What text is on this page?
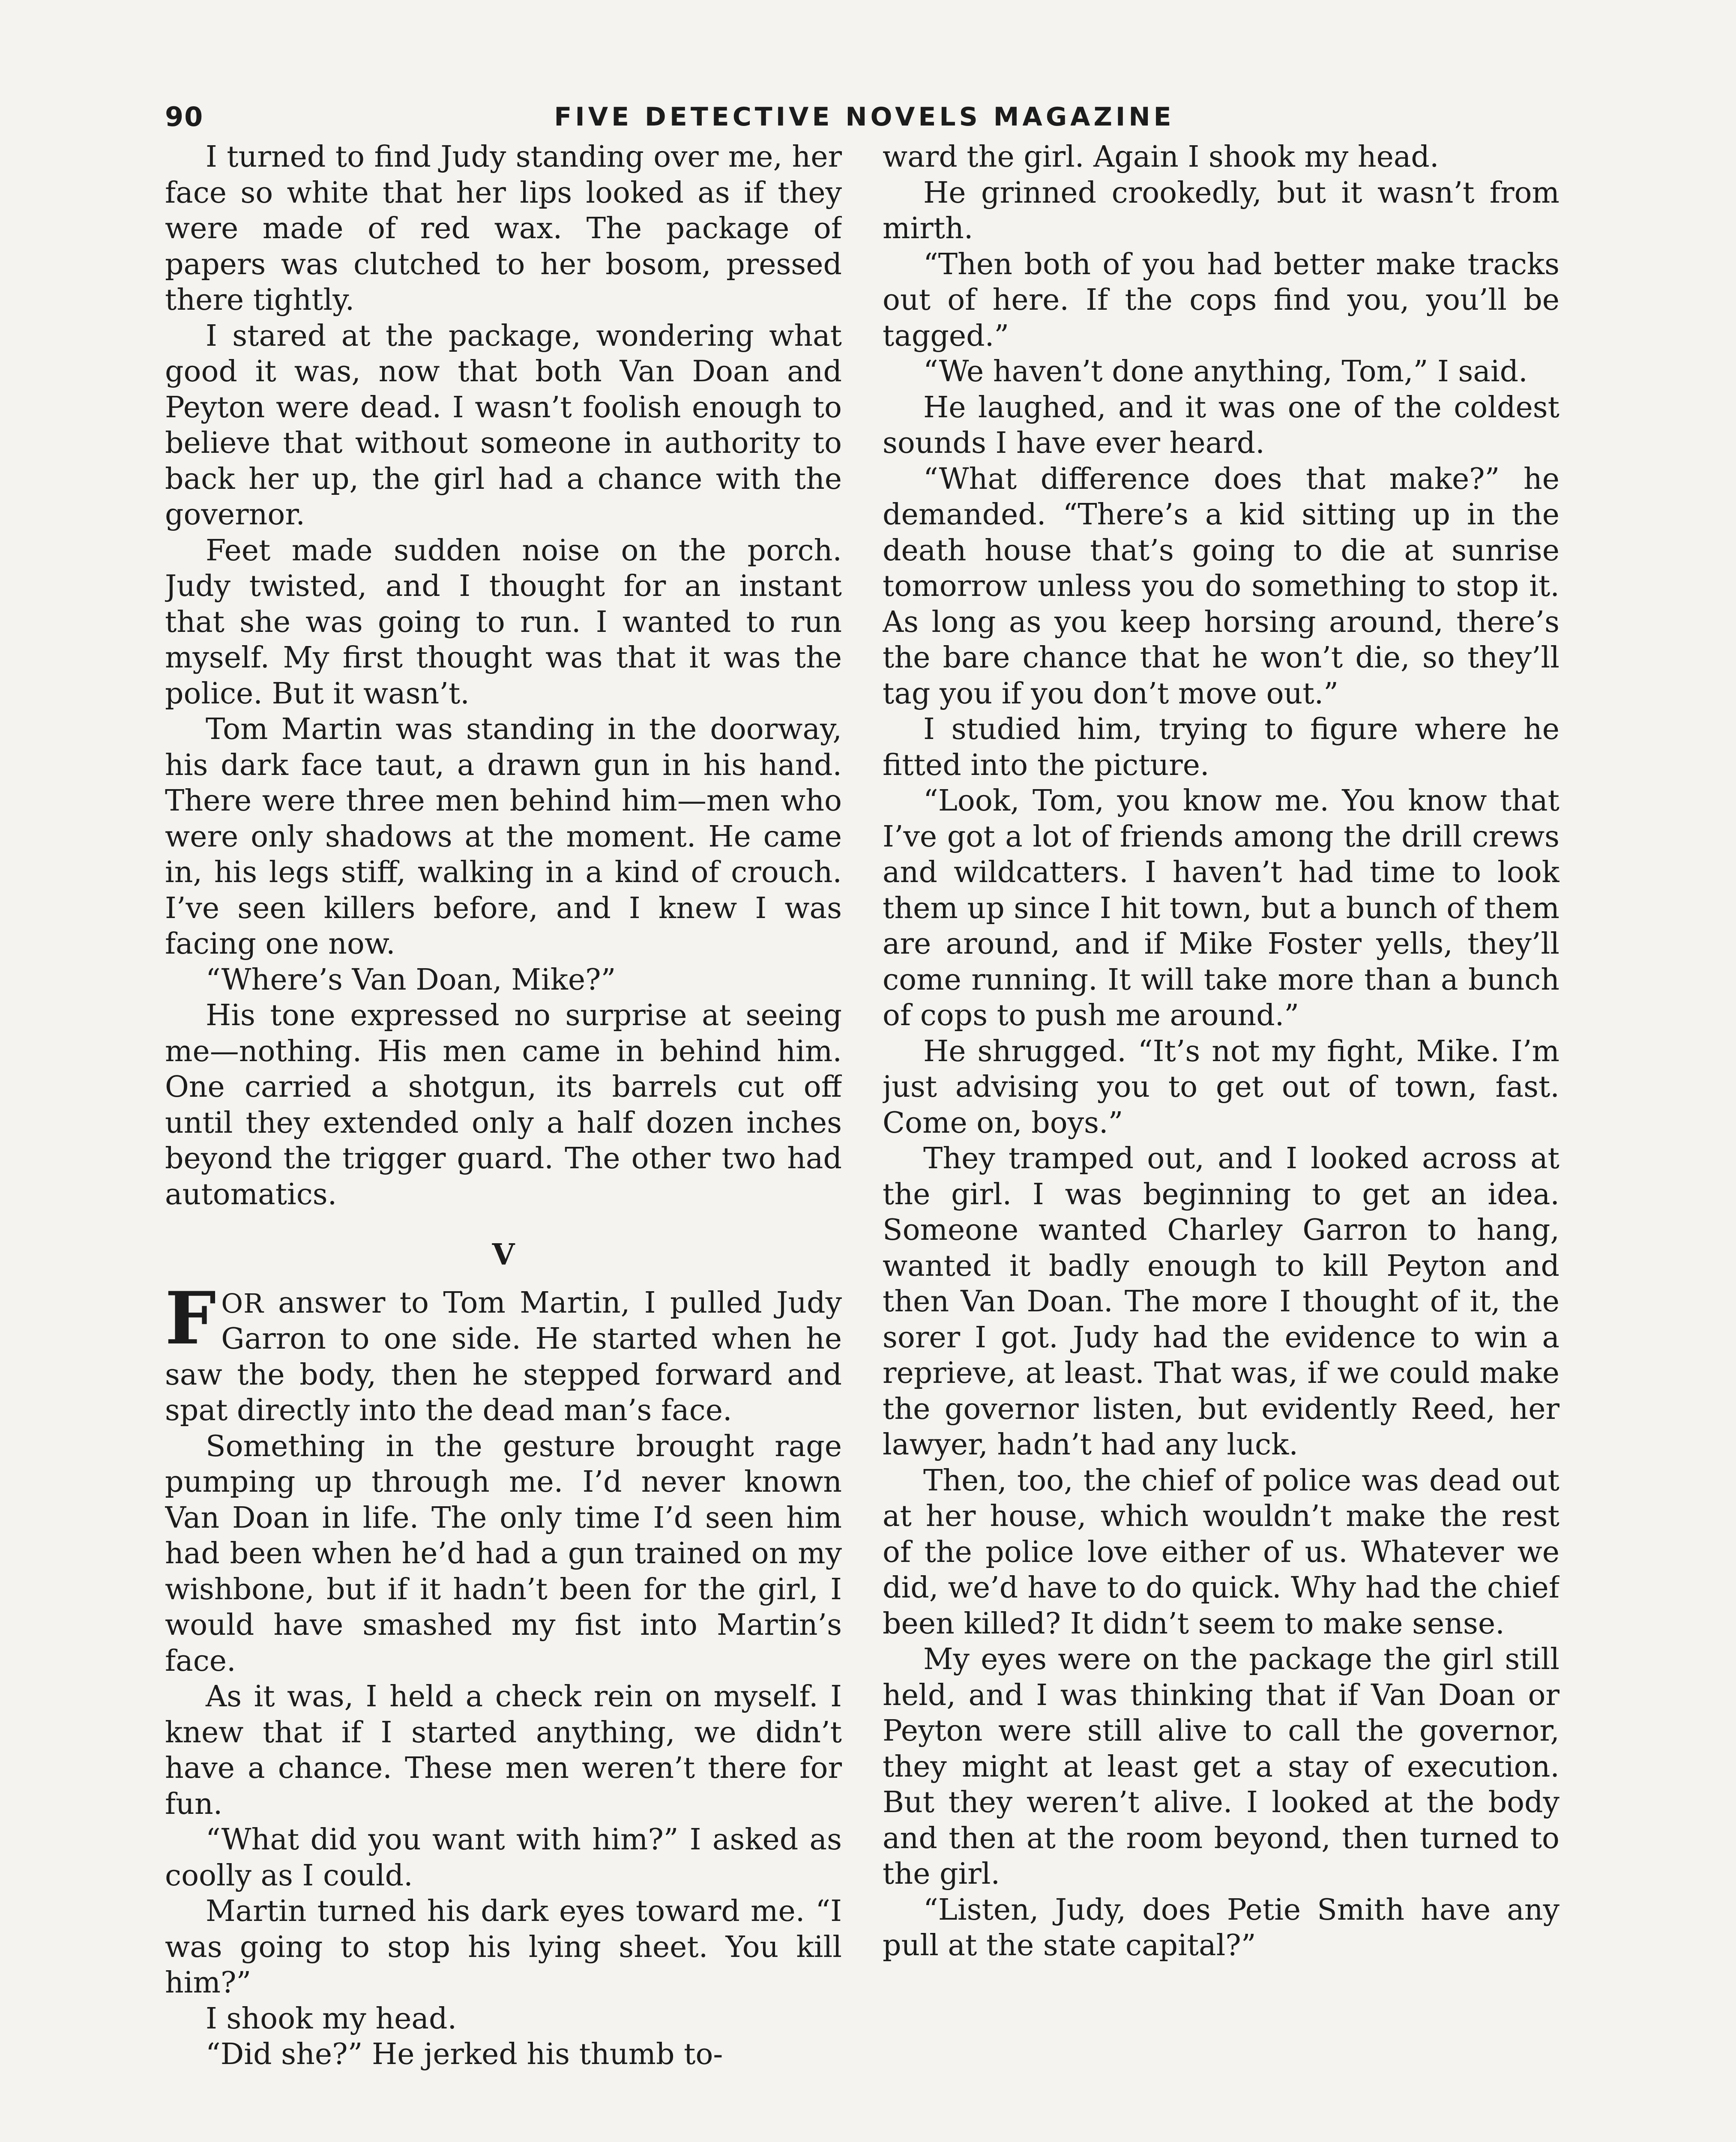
90	FIVE DETECTIVE NOVELS MAGAZINE

I turned to find Judy standing over me, her face so white that her lips looked as if they were made of red wax. The package of papers was clutched to her bosom, pressed there tightly.

I stared at the package, wondering what good it was, now that both Van Doan and Peyton were dead. I wasn’t foolish enough to believe that without someone in authority to back her up, the girl had a chance with the governor.

Feet made sudden noise on the porch. Judy twisted, and I thought for an instant that she was going to run. I wanted to run myself. My first thought was that it was the police. But it wasn’t.

Tom Martin was standing in the doorway, his dark face taut, a drawn gun in his hand. There were three men behind him—men who were only shadows at the moment. He came in, his legs stiff, walking in a kind of crouch. I’ve seen killers before, and I knew I was facing one now.

“Where’s Van Doan, Mike?”

His tone expressed no surprise at seeing me—nothing. His men came in behind him. One carried a shotgun, its barrels cut off until they extended only a half dozen inches beyond the trigger guard. The other two had automatics.

V

FOR answer to Tom Martin, I pulled Judy Garron to one side. He started when he saw the body, then he stepped forward and spat directly into the dead man’s face.

Something in the gesture brought rage pumping up through me. I’d never known Van Doan in life. The only time I’d seen him had been when he’d had a gun trained on my wishbone, but if it hadn’t been for the girl, I would have smashed my fist into Martin’s face.

As it was, I held a check rein on myself. I knew that if I started anything, we didn’t have a chance. These men weren’t there for fun.

“What did you want with him?” I asked as coolly as I could.

Martin turned his dark eyes toward me. “I was going to stop his lying sheet. You kill him?”

I shook my head.

“Did she?” He jerked his thumb to-

ward the girl. Again I shook my head.

He grinned crookedly, but it wasn’t from mirth.

“Then both of you had better make tracks out of here. If the cops find you, you’ll be tagged.”

“We haven’t done anything, Tom,” I said.

He laughed, and it was one of the coldest sounds I have ever heard.

“What difference does that make?” he demanded. “There’s a kid sitting up in the death house that’s going to die at sunrise tomorrow unless you do something to stop it. As long as you keep horsing around, there’s the bare chance that he won’t die, so they’ll tag you if you don’t move out.”

I studied him, trying to figure where he fitted into the picture.

“Look, Tom, you know me. You know that I’ve got a lot of friends among the drill crews and wildcatters. I haven’t had time to look them up since I hit town, but a bunch of them are around, and if Mike Foster yells, they’ll come running. It will take more than a bunch of cops to push me around.”

He shrugged. “It’s not my fight, Mike. I’m just advising you to get out of town, fast. Come on, boys.”

They tramped out, and I looked across at the girl. I was beginning to get an idea. Someone wanted Charley Garron to hang, wanted it badly enough to kill Peyton and then Van Doan. The more I thought of it, the sorer I got. Judy had the evidence to win a reprieve, at least. That was, if we could make the governor listen, but evidently Reed, her lawyer, hadn’t had any luck.

Then, too, the chief of police was dead out at her house, which wouldn’t make the rest of the police love either of us. Whatever we did, we’d have to do quick. Why had the chief been killed? It didn’t seem to make sense.

My eyes were on the package the girl still held, and I was thinking that if Van Doan or Peyton were still alive to call the governor, they might at least get a stay of execution. But they weren’t alive. I looked at the body and then at the room beyond, then turned to the girl.

“Listen, Judy, does Petie Smith have any pull at the state capital?”
